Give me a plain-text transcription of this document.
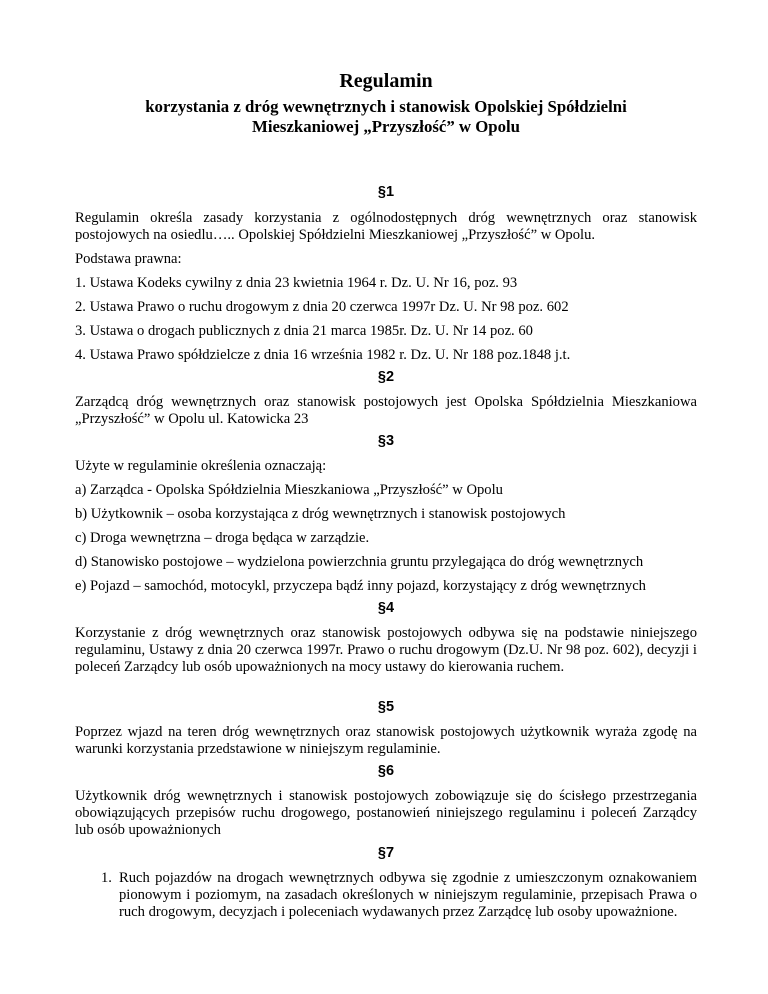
Regulamin
korzystania z dróg wewnętrznych i stanowisk Opolskiej Spółdzielni
Mieszkaniowej „Przyszłość” w Opolu
§1

Regulamin określa zasady korzystania z ogólnodostępnych dróg wewnętrznych oraz stanowisk postojowych na osiedlu….. Opolskiej Spółdzielni Mieszkaniowej „Przyszłość” w Opolu.

Podstawa prawna:

1. Ustawa Kodeks cywilny z dnia 23 kwietnia 1964 r. Dz. U. Nr 16, poz. 93

2. Ustawa Prawo o ruchu drogowym z dnia 20 czerwca 1997r Dz. U. Nr 98 poz. 602

3. Ustawa o drogach publicznych z dnia 21 marca 1985r. Dz. U. Nr 14 poz. 60

4. Ustawa Prawo spółdzielcze z dnia 16 września 1982 r. Dz. U. Nr 188 poz.1848 j.t.

§2

Zarządcą dróg wewnętrznych oraz stanowisk postojowych jest Opolska Spółdzielnia Mieszkaniowa „Przyszłość” w Opolu ul. Katowicka 23

§3

Użyte w regulaminie określenia oznaczają:

a) Zarządca - Opolska Spółdzielnia Mieszkaniowa „Przyszłość” w Opolu

b) Użytkownik – osoba korzystająca z dróg wewnętrznych i stanowisk postojowych

c) Droga wewnętrzna – droga będąca w zarządzie.

d) Stanowisko postojowe – wydzielona powierzchnia gruntu przylegająca do dróg wewnętrznych

e) Pojazd – samochód, motocykl, przyczepa bądź inny pojazd, korzystający z dróg wewnętrznych

§4

Korzystanie z dróg wewnętrznych oraz stanowisk postojowych odbywa się na podstawie niniejszego regulaminu, Ustawy z dnia 20 czerwca 1997r. Prawo o ruchu drogowym (Dz.U. Nr 98 poz. 602), decyzji i poleceń Zarządcy lub osób upoważnionych na mocy ustawy do kierowania ruchem.

§5

Poprzez wjazd na teren dróg wewnętrznych oraz stanowisk postojowych użytkownik wyraża zgodę na warunki korzystania przedstawione w niniejszym regulaminie.

§6

Użytkownik dróg wewnętrznych i stanowisk postojowych zobowiązuje się do ścisłego przestrzegania obowiązujących przepisów ruchu drogowego, postanowień niniejszego regulaminu i poleceń Zarządcy lub osób upoważnionych

§7
1. Ruch pojazdów na drogach wewnętrznych odbywa się zgodnie z umieszczonym oznakowaniem pionowym i poziomym, na zasadach określonych w niniejszym regulaminie, przepisach Prawa o ruch drogowym, decyzjach i poleceniach wydawanych przez Zarządcę lub osoby upoważnione.
